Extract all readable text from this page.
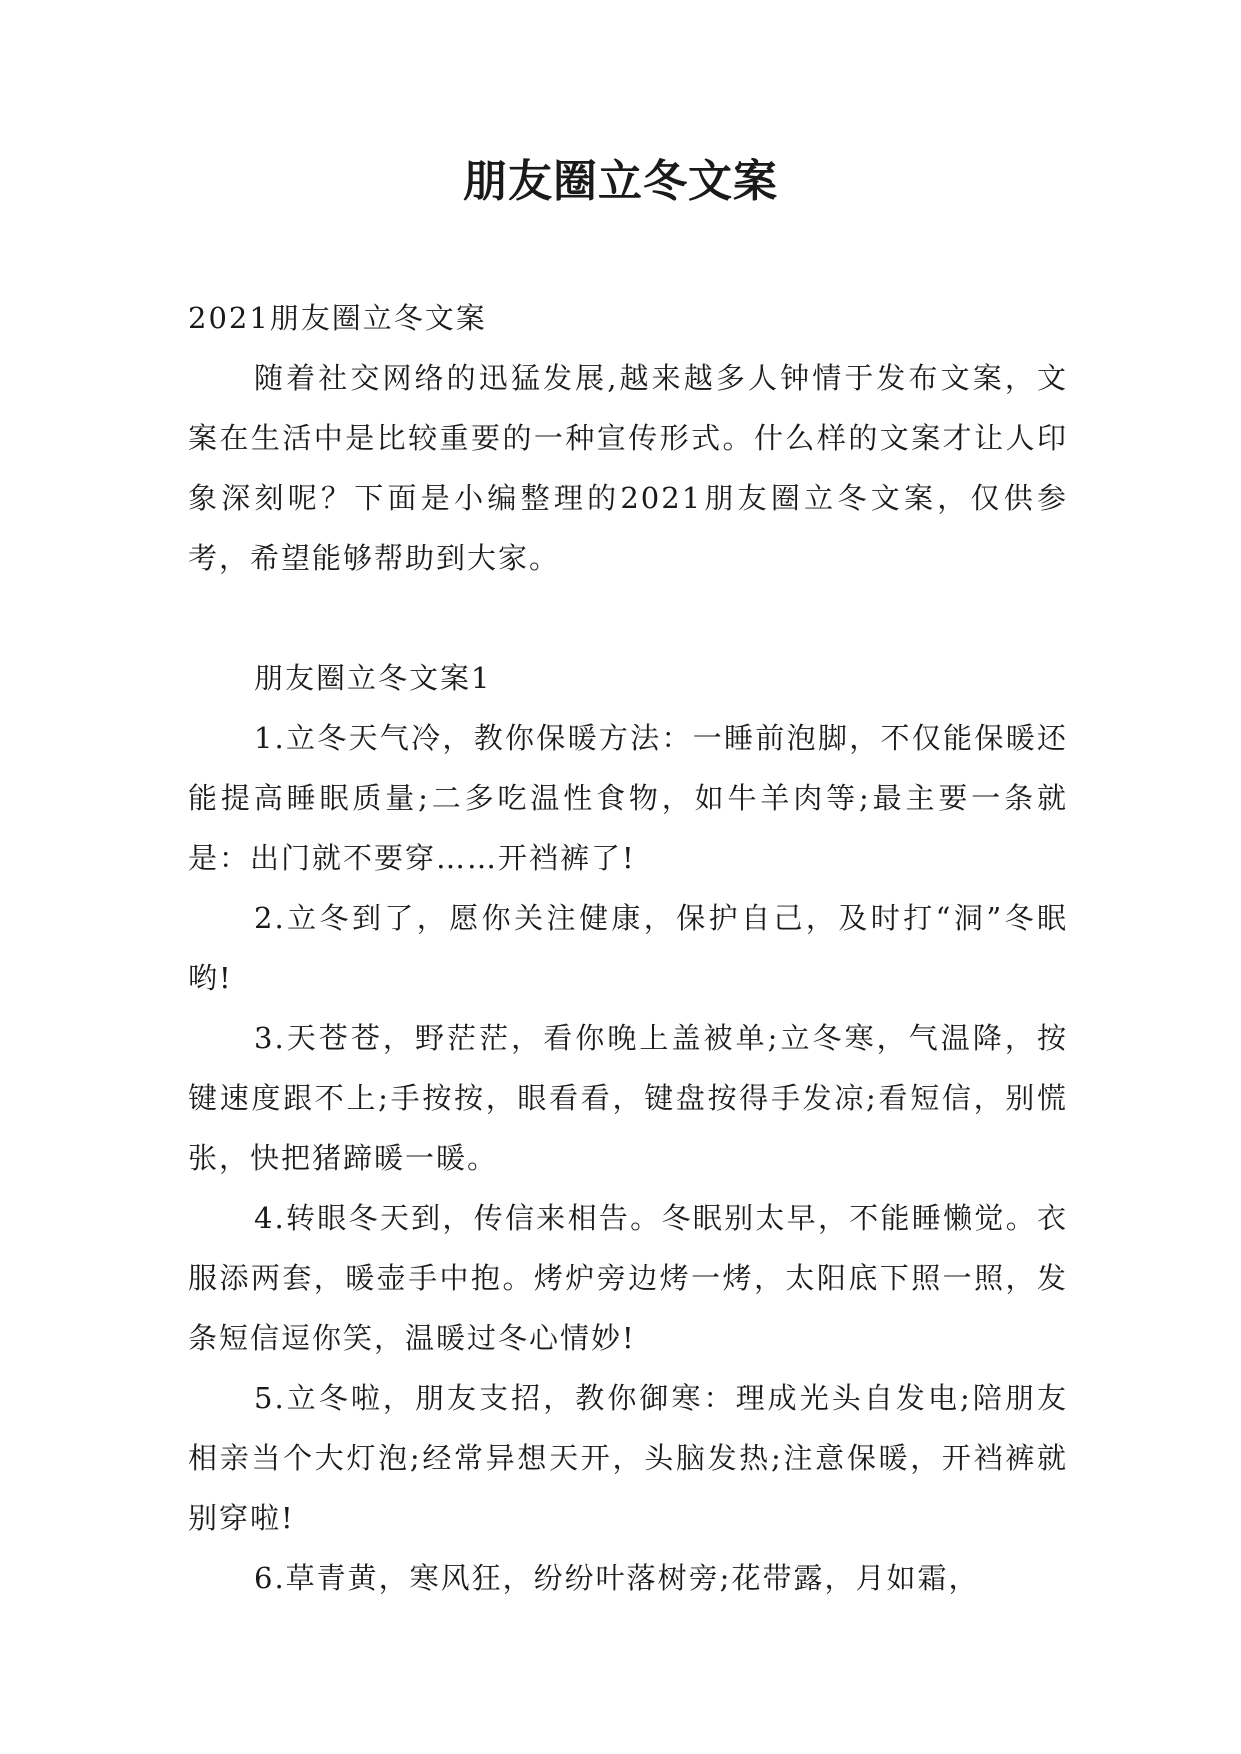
朋友圈立冬文案

2021朋友圈立冬文案

随着社交网络的迅猛发展,越来越多人钟情于发布文案，文案在生活中是比较重要的一种宣传形式。什么样的文案才让人印象深刻呢？下面是小编整理的2021朋友圈立冬文案，仅供参考，希望能够帮助到大家。

朋友圈立冬文案1

1.立冬天气冷，教你保暖方法：一睡前泡脚，不仅能保暖还能提高睡眠质量;二多吃温性食物，如牛羊肉等;最主要一条就是：出门就不要穿……开裆裤了!

2.立冬到了，愿你关注健康，保护自己，及时打“洞”冬眠哟!

3.天苍苍，野茫茫，看你晚上盖被单;立冬寒，气温降，按键速度跟不上;手按按，眼看看，键盘按得手发凉;看短信，别慌张，快把猪蹄暖一暖。

4.转眼冬天到，传信来相告。冬眠别太早，不能睡懒觉。衣服添两套，暖壶手中抱。烤炉旁边烤一烤，太阳底下照一照，发条短信逗你笑，温暖过冬心情妙!

5.立冬啦，朋友支招，教你御寒：理成光头自发电;陪朋友相亲当个大灯泡;经常异想天开，头脑发热;注意保暖，开裆裤就别穿啦!

6.草青黄，寒风狂，纷纷叶落树旁;花带露，月如霜，
